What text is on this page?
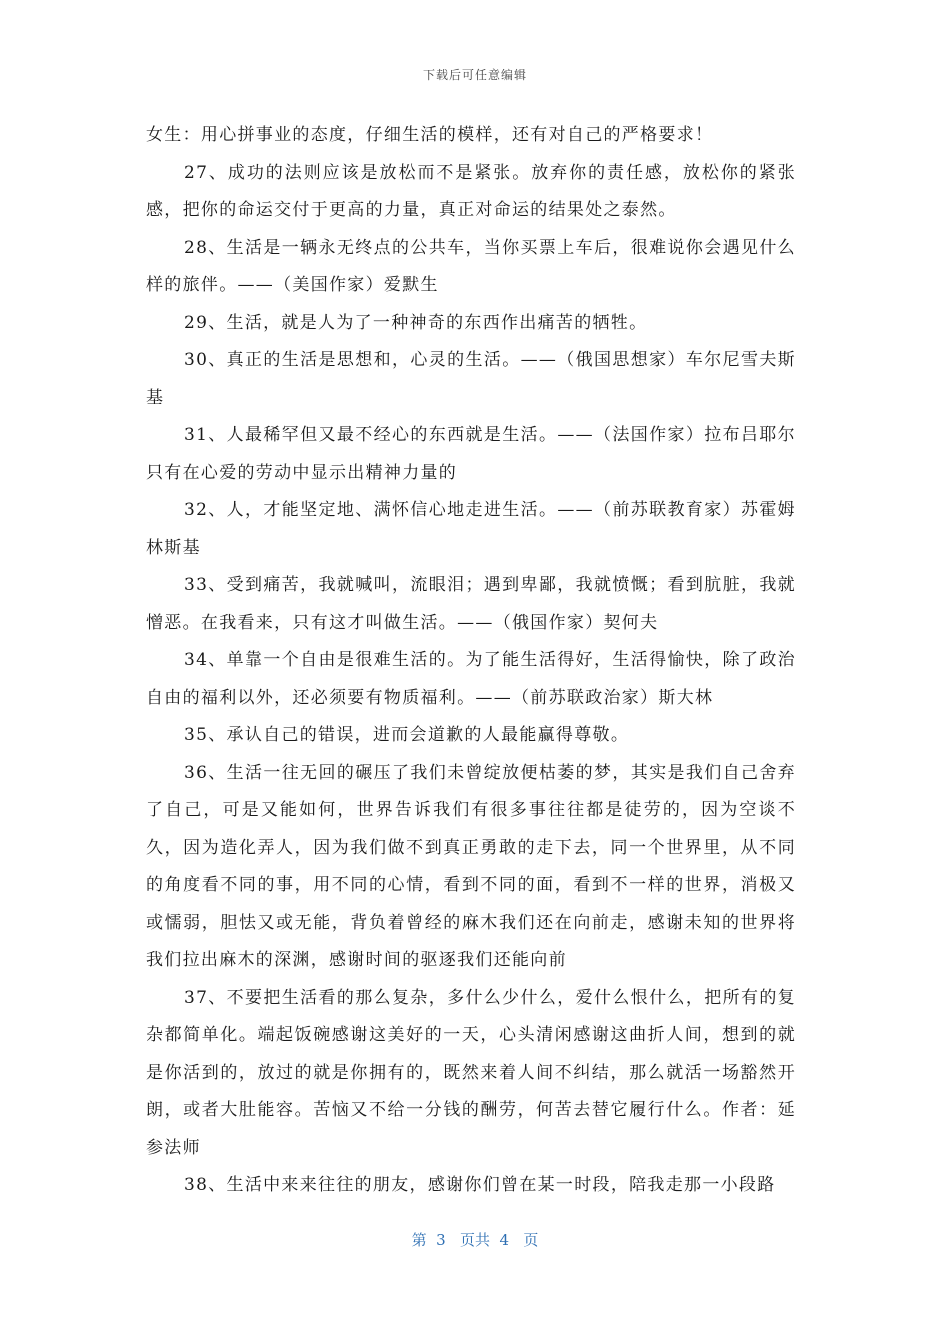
下载后可任意编辑

女生：用心拼事业的态度，仔细生活的模样，还有对自己的严格要求！

27、成功的法则应该是放松而不是紧张。放弃你的责任感，放松你的紧张感，把你的命运交付于更高的力量，真正对命运的结果处之泰然。

28、生活是一辆永无终点的公共车，当你买票上车后，很难说你会遇见什么样的旅伴。——（美国作家）爱默生

29、生活，就是人为了一种神奇的东西作出痛苦的牺牲。

30、真正的生活是思想和，心灵的生活。——（俄国思想家）车尔尼雪夫斯基

31、人最稀罕但又最不经心的东西就是生活。——（法国作家）拉布吕耶尔只有在心爱的劳动中显示出精神力量的

32、人，才能坚定地、满怀信心地走进生活。——（前苏联教育家）苏霍姆林斯基

33、受到痛苦，我就喊叫，流眼泪；遇到卑鄙，我就愤慨；看到肮脏，我就憎恶。在我看来，只有这才叫做生活。——（俄国作家）契何夫

34、单靠一个自由是很难生活的。为了能生活得好，生活得愉快，除了政治自由的福利以外，还必须要有物质福利。——（前苏联政治家）斯大林

35、承认自己的错误，进而会道歉的人最能赢得尊敬。

36、生活一往无回的碾压了我们未曾绽放便枯萎的梦，其实是我们自己舍弃了自己，可是又能如何，世界告诉我们有很多事往往都是徒劳的，因为空谈不久，因为造化弄人，因为我们做不到真正勇敢的走下去，同一个世界里，从不同的角度看不同的事，用不同的心情，看到不同的面，看到不一样的世界，消极又或懦弱，胆怯又或无能，背负着曾经的麻木我们还在向前走，感谢未知的世界将我们拉出麻木的深渊，感谢时间的驱逐我们还能向前

37、不要把生活看的那么复杂，多什么少什么，爱什么恨什么，把所有的复杂都简单化。端起饭碗感谢这美好的一天，心头清闲感谢这曲折人间，想到的就是你活到的，放过的就是你拥有的，既然来着人间不纠结，那么就活一场豁然开朗，或者大肚能容。苦恼又不给一分钱的酬劳，何苦去替它履行什么。作者：延参法师

38、生活中来来往往的朋友，感谢你们曾在某一时段，陪我走那一小段路

第  3   页共  4   页
